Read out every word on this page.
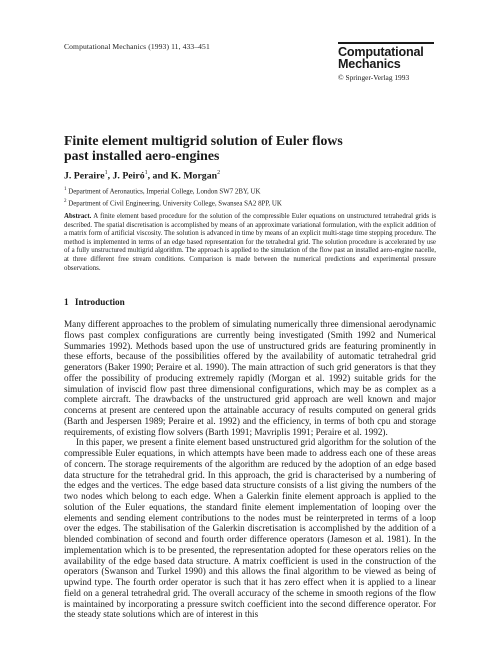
Computational Mechanics (1993) 11, 433–451	Computational
Mechanics
© Springer-Verlag 1993
Finite element multigrid solution of Euler flows past installed aero-engines
J. Peraire$^1$, J. Peiró$^1$, and K. Morgan$^2$
$^1$ Department of Aeronautics, Imperial College, London SW7 2BY, UK
$^2$ Department of Civil Engineering, University College, Swansea SA2 8PP, UK
Abstract. A finite element based procedure for the solution of the compressible Euler equations on unstructured tetrahedral grids is described. The spatial discretisation is accomplished by means of an approximate variational formulation, with the explicit addition of a matrix form of artificial viscosity. The solution is advanced in time by means of an explicit multi-stage time stepping procedure. The method is implemented in terms of an edge based representation for the tetrahedral grid. The solution procedure is accelerated by use of a fully unstructured multigrid algorithm. The approach is applied to the simulation of the flow past an installed aero-engine nacelle, at three different free stream conditions. Comparison is made between the numerical predictions and experimental pressure observations.
1 Introduction

Many different approaches to the problem of simulating numerically three dimensional aerodynamic flows past complex configurations are currently being investigated (Smith 1992 and Numerical Summaries 1992). Methods based upon the use of unstructured grids are featuring prominently in these efforts, because of the possibilities offered by the availability of automatic tetrahedral grid generators (Baker 1990; Peraire et al. 1990). The main attraction of such grid generators is that they offer the possibility of producing extremely rapidly (Morgan et al. 1992) suitable grids for the simulation of inviscid flow past three dimensional configurations, which may be as complex as a complete aircraft. The drawbacks of the unstructured grid approach are well known and major concerns at present are centered upon the attainable accuracy of results computed on general grids (Barth and Jespersen 1989; Peraire et al. 1992) and the efficiency, in terms of both cpu and storage requirements, of existing flow solvers (Barth 1991; Mavriplis 1991; Peraire et al. 1992).

In this paper, we present a finite element based unstructured grid algorithm for the solution of the compressible Euler equations, in which attempts have been made to address each one of these areas of concern. The storage requirements of the algorithm are reduced by the adoption of an edge based data structure for the tetrahedral grid. In this approach, the grid is characterised by a numbering of the edges and the vertices. The edge based data structure consists of a list giving the numbers of the two nodes which belong to each edge. When a Galerkin finite element approach is applied to the solution of the Euler equations, the standard finite element implementation of looping over the elements and sending element contributions to the nodes must be reinterpreted in terms of a loop over the edges. The stabilisation of the Galerkin discretisation is accomplished by the addition of a blended combination of second and fourth order difference operators (Jameson et al. 1981). In the implementation which is to be presented, the representation adopted for these operators relies on the availability of the edge based data structure. A matrix coefficient is used in the construction of the operators (Swanson and Turkel 1990) and this allows the final algorithm to be viewed as being of upwind type. The fourth order operator is such that it has zero effect when it is applied to a linear field on a general tetrahedral grid. The overall accuracy of the scheme in smooth regions of the flow is maintained by incorporating a pressure switch coefficient into the second difference operator. For the steady state solutions which are of interest in this
